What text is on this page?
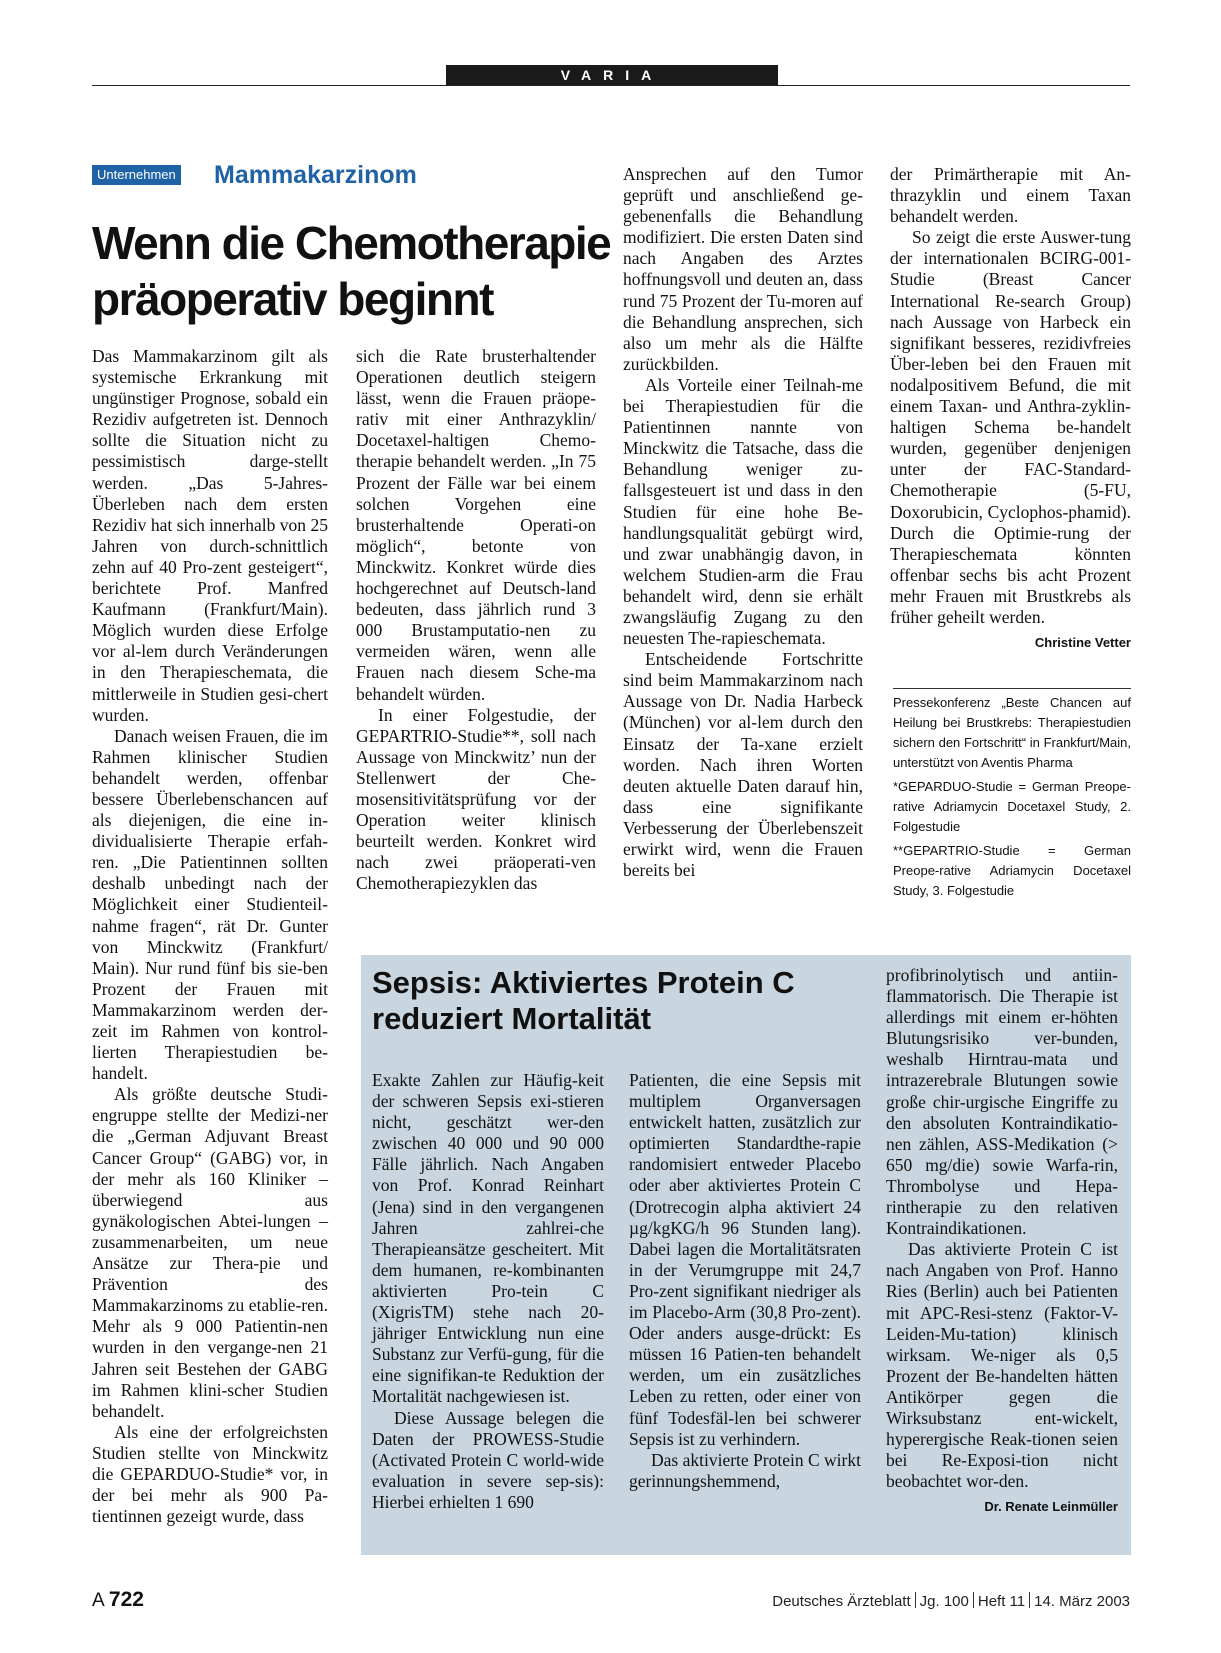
VARIA
Unternehmen Mammakarzinom
Wenn die Chemotherapie
präoperativ beginnt

Das Mammakarzinom gilt als systemische Erkrankung mit ungünstiger Prognose, sobald ein Rezidiv aufgetreten ist. Dennoch sollte die Situation nicht zu pessimistisch darge-stellt werden. „Das 5-Jahres-Überleben nach dem ersten Rezidiv hat sich innerhalb von 25 Jahren von durch-schnittlich zehn auf 40 Pro-zent gesteigert“, berichtete Prof. Manfred Kaufmann (Frankfurt/Main). Möglich wurden diese Erfolge vor al-lem durch Veränderungen in den Therapieschemata, die mittlerweile in Studien gesi-chert wurden.

Danach weisen Frauen, die im Rahmen klinischer Studien behandelt werden, offenbar bessere Überlebenschancen auf als diejenigen, die eine in-dividualisierte Therapie erfah-ren. „Die Patientinnen sollten deshalb unbedingt nach der Möglichkeit einer Studienteil-nahme fragen“, rät Dr. Gunter von Minckwitz (Frankfurt/ Main). Nur rund fünf bis sie-ben Prozent der Frauen mit Mammakarzinom werden der-zeit im Rahmen von kontrol-lierten Therapiestudien be-handelt.

Als größte deutsche Studi-engruppe stellte der Medizi-ner die „German Adjuvant Breast Cancer Group“ (GABG) vor, in der mehr als 160 Kliniker – überwiegend aus gynäkologischen Abtei-lungen – zusammenarbeiten, um neue Ansätze zur Thera-pie und Prävention des Mammakarzinoms zu etablie-ren. Mehr als 9 000 Patientin-nen wurden in den vergange-nen 21 Jahren seit Bestehen der GABG im Rahmen klini-scher Studien behandelt.

Als eine der erfolgreichsten Studien stellte von Minckwitz die GEPARDUO-Studie* vor, in der bei mehr als 900 Pa-tientinnen gezeigt wurde, dass

sich die Rate brusterhaltender Operationen deutlich steigern lässt, wenn die Frauen präope-rativ mit einer Anthrazyklin/ Docetaxel-haltigen Chemo-therapie behandelt werden. „In 75 Prozent der Fälle war bei einem solchen Vorgehen eine brusterhaltende Operati-on möglich“, betonte von Minckwitz. Konkret würde dies hochgerechnet auf Deutsch-land bedeuten, dass jährlich rund 3 000 Brustamputatio-nen zu vermeiden wären, wenn alle Frauen nach diesem Sche-ma behandelt würden.

In einer Folgestudie, der GEPARTRIO-Studie**, soll nach Aussage von Minckwitz’ nun der Stellenwert der Che-mosensitivitätsprüfung vor der Operation weiter klinisch beurteilt werden. Konkret wird nach zwei präoperati-ven Chemotherapiezyklen das

Ansprechen auf den Tumor geprüft und anschließend ge-gebenenfalls die Behandlung modifiziert. Die ersten Daten sind nach Angaben des Arztes hoffnungsvoll und deuten an, dass rund 75 Prozent der Tu-moren auf die Behandlung ansprechen, sich also um mehr als die Hälfte zurückbilden.

Als Vorteile einer Teilnah-me bei Therapiestudien für die Patientinnen nannte von Minckwitz die Tatsache, dass die Behandlung weniger zu-fallsgesteuert ist und dass in den Studien für eine hohe Be-handlungsqualität gebürgt wird, und zwar unabhängig davon, in welchem Studien-arm die Frau behandelt wird, denn sie erhält zwangsläufig Zugang zu den neuesten The-rapieschemata.

Entscheidende Fortschritte sind beim Mammakarzinom nach Aussage von Dr. Nadia Harbeck (München) vor al-lem durch den Einsatz der Ta-xane erzielt worden. Nach ihren Worten deuten aktuelle Daten darauf hin, dass eine signifikante Verbesserung der Überlebenszeit erwirkt wird, wenn die Frauen bereits bei

der Primärtherapie mit An-thrazyklin und einem Taxan behandelt werden.

So zeigt die erste Auswer-tung der internationalen BCIRG-001-Studie (Breast Cancer International Re-search Group) nach Aussage von Harbeck ein signifikant besseres, rezidivfreies Über-leben bei den Frauen mit nodalpositivem Befund, die mit einem Taxan- und Anthra-zyklin-haltigen Schema be-handelt wurden, gegenüber denjenigen unter der FAC-Standard-Chemotherapie (5-FU, Doxorubicin, Cyclophos-phamid). Durch die Optimie-rung der Therapieschemata könnten offenbar sechs bis acht Prozent mehr Frauen mit Brustkrebs als früher geheilt werden.

Christine Vetter

Pressekonferenz „Beste Chancen auf Heilung bei Brustkrebs: Therapiestudien sichern den Fortschritt“ in Frankfurt/Main, unterstützt von Aventis Pharma

*GEPARDUO-Studie = German Preope-rative Adriamycin Docetaxel Study, 2. Folgestudie

**GEPARTRIO-Studie = German Preope-rative Adriamycin Docetaxel Study, 3. Folgestudie

Sepsis: Aktiviertes Protein C
reduziert Mortalität

Exakte Zahlen zur Häufig-keit der schweren Sepsis exi-stieren nicht, geschätzt wer-den zwischen 40 000 und 90 000 Fälle jährlich. Nach Angaben von Prof. Konrad Reinhart (Jena) sind in den vergangenen Jahren zahlrei-che Therapieansätze gescheitert. Mit dem humanen, re-kombinanten aktivierten Pro-tein C (XigrisTM) stehe nach 20-jähriger Entwicklung nun eine Substanz zur Verfü-gung, für die eine signifikan-te Reduktion der Mortalität nachgewiesen ist.

Diese Aussage belegen die Daten der PROWESS-Studie (Activated Protein C world-wide evaluation in severe sep-sis): Hierbei erhielten 1 690

Patienten, die eine Sepsis mit multiplem Organversagen entwickelt hatten, zusätzlich zur optimierten Standardthe-rapie randomisiert entweder Placebo oder aber aktiviertes Protein C (Drotrecogin alpha aktiviert 24 µg/kgKG/h 96 Stunden lang). Dabei lagen die Mortalitätsraten in der Verumgruppe mit 24,7 Pro-zent signifikant niedriger als im Placebo-Arm (30,8 Pro-zent). Oder anders ausge-drückt: Es müssen 16 Patien-ten behandelt werden, um ein zusätzliches Leben zu retten, oder einer von fünf Todesfäl-len bei schwerer Sepsis ist zu verhindern.

Das aktivierte Protein C wirkt gerinnungshemmend,

profibrinolytisch und antiin-flammatorisch. Die Therapie ist allerdings mit einem er-höhten Blutungsrisiko ver-bunden, weshalb Hirntrau-mata und intrazerebrale Blutungen sowie große chir-urgische Eingriffe zu den absoluten Kontraindikatio-nen zählen, ASS-Medikation (> 650 mg/die) sowie Warfa-rin, Thrombolyse und Hepa-rintherapie zu den relativen Kontraindikationen.

Das aktivierte Protein C ist nach Angaben von Prof. Hanno Ries (Berlin) auch bei Patienten mit APC-Resi-stenz (Faktor-V-Leiden-Mu-tation) klinisch wirksam. We-niger als 0,5 Prozent der Be-handelten hätten Antikörper gegen die Wirksubstanz ent-wickelt, hyperergische Reak-tionen seien bei Re-Exposi-tion nicht beobachtet wor-den.

Dr. Renate Leinmüller
A 722	Deutsches Ärzteblatt Jg. 100 Heft 11 14. März 2003
